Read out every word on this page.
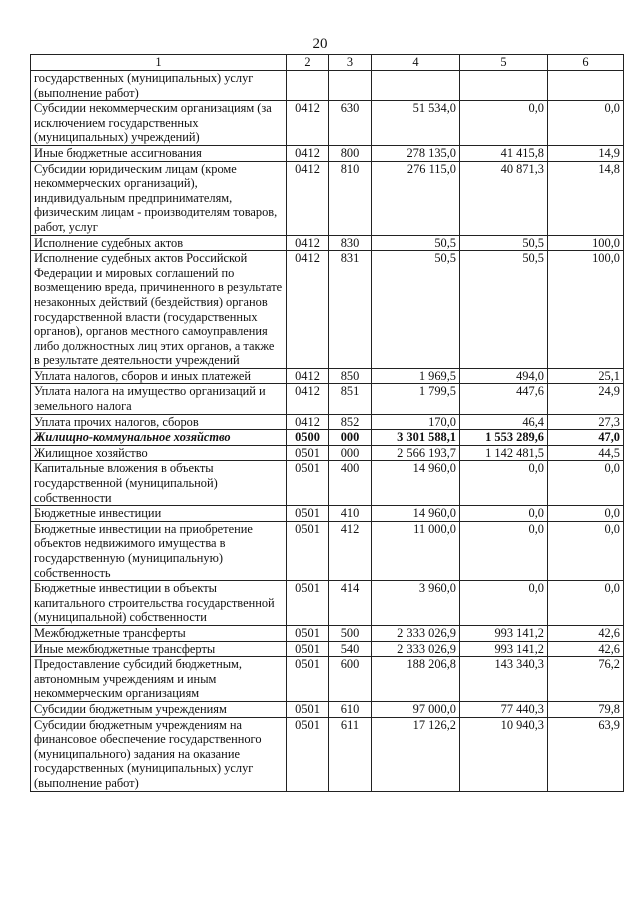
20
1	2	3	4	5	6
государственных (муниципальных) услуг (выполнение работ)					
Субсидии некоммерческим организациям (за исключением государственных (муниципальных) учреждений)	0412	630	51 534,0	0,0	0,0
Иные бюджетные ассигнования	0412	800	278 135,0	41 415,8	14,9
Субсидии юридическим лицам (кроме некоммерческих организаций), индивидуальным предпринимателям, физическим лицам - производителям товаров, работ, услуг	0412	810	276 115,0	40 871,3	14,8
Исполнение судебных актов	0412	830	50,5	50,5	100,0
Исполнение судебных актов Российской Федерации и мировых соглашений по возмещению вреда, причиненного в результате незаконных действий (бездействия) органов государственной власти (государственных органов), органов местного самоуправления либо должностных лиц этих органов, а также в результате деятельности учреждений	0412	831	50,5	50,5	100,0
Уплата налогов, сборов и иных платежей	0412	850	1 969,5	494,0	25,1
Уплата налога на имущество организаций и земельного налога	0412	851	1 799,5	447,6	24,9
Уплата прочих налогов, сборов	0412	852	170,0	46,4	27,3
Жилищно-коммунальное хозяйство	0500	000	3 301 588,1	1 553 289,6	47,0
Жилищное хозяйство	0501	000	2 566 193,7	1 142 481,5	44,5
Капитальные вложения в объекты государственной (муниципальной) собственности	0501	400	14 960,0	0,0	0,0
Бюджетные инвестиции	0501	410	14 960,0	0,0	0,0
Бюджетные инвестиции на приобретение объектов недвижимого имущества в государственную (муниципальную) собственность	0501	412	11 000,0	0,0	0,0
Бюджетные инвестиции в объекты капитального строительства государственной (муниципальной) собственности	0501	414	3 960,0	0,0	0,0
Межбюджетные трансферты	0501	500	2 333 026,9	993 141,2	42,6
Иные межбюджетные трансферты	0501	540	2 333 026,9	993 141,2	42,6
Предоставление субсидий бюджетным, автономным учреждениям и иным некоммерческим организациям	0501	600	188 206,8	143 340,3	76,2
Субсидии бюджетным учреждениям	0501	610	97 000,0	77 440,3	79,8
Субсидии бюджетным учреждениям на финансовое обеспечение государственного (муниципального) задания на оказание государственных (муниципальных) услуг (выполнение работ)	0501	611	17 126,2	10 940,3	63,9
